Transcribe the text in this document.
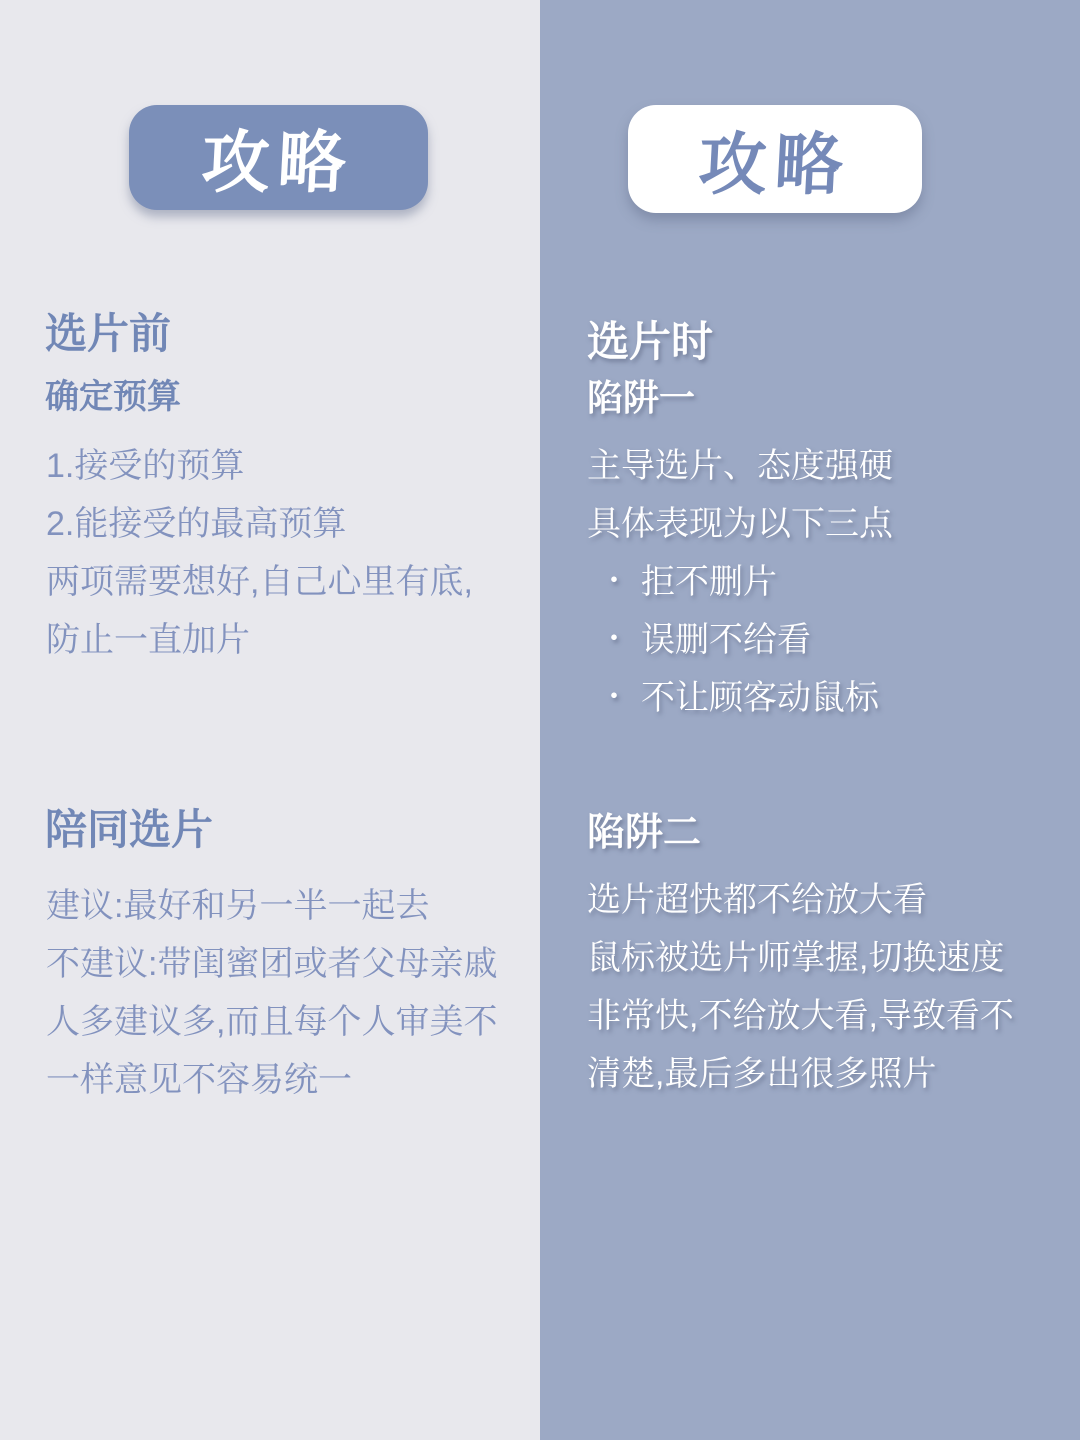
攻略
选片前
确定预算
1.接受的预算
2.能接受的最高预算
两项需要想好,自己心里有底,
防止一直加片
陪同选片
建议:最好和另一半一起去
不建议:带闺蜜团或者父母亲戚
人多建议多,而且每个人审美不
一样意见不容易统一
攻略
选片时
陷阱一
主导选片、态度强硬
具体表现为以下三点
・ 拒不删片
・ 误删不给看
・ 不让顾客动鼠标
陷阱二
选片超快都不给放大看
鼠标被选片师掌握,切换速度
非常快,不给放大看,导致看不
清楚,最后多出很多照片
